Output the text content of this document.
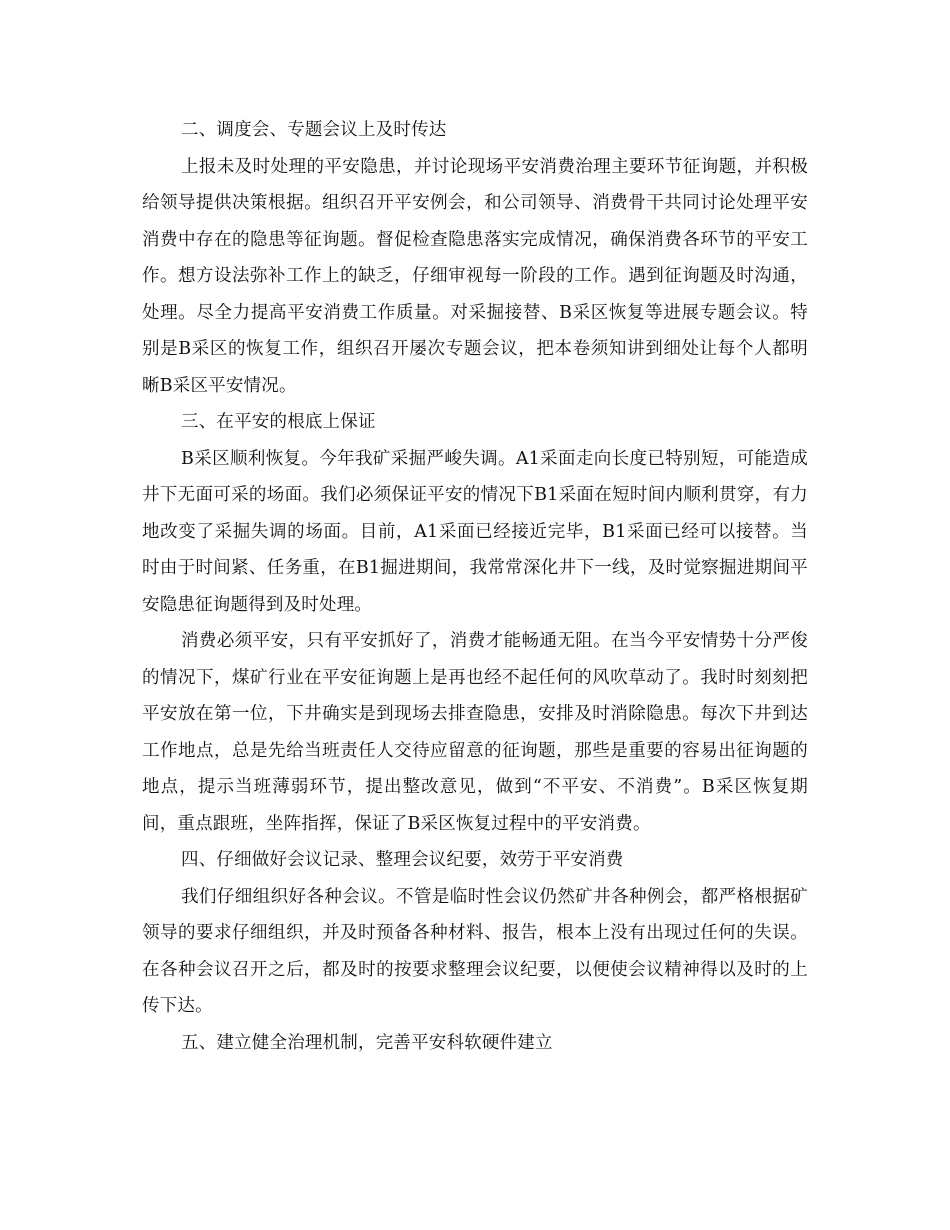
二、调度会、专题会议上及时传达

上报未及时处理的平安隐患，并讨论现场平安消费治理主要环节征询题，并积极给领导提供决策根据。组织召开平安例会，和公司领导、消费骨干共同讨论处理平安消费中存在的隐患等征询题。督促检查隐患落实完成情况，确保消费各环节的平安工作。想方设法弥补工作上的缺乏，仔细审视每一阶段的工作。遇到征询题及时沟通，处理。尽全力提高平安消费工作质量。对采掘接替、B采区恢复等进展专题会议。特别是B采区的恢复工作，组织召开屡次专题会议，把本卷须知讲到细处让每个人都明晰B采区平安情况。

三、在平安的根底上保证

B采区顺利恢复。今年我矿采掘严峻失调。A1采面走向长度已特别短，可能造成井下无面可采的场面。我们必须保证平安的情况下B1采面在短时间内顺利贯穿，有力地改变了采掘失调的场面。目前，A1采面已经接近完毕，B1采面已经可以接替。当时由于时间紧、任务重，在B1掘进期间，我常常深化井下一线，及时觉察掘进期间平安隐患征询题得到及时处理。

消费必须平安，只有平安抓好了，消费才能畅通无阻。在当今平安情势十分严俊的情况下，煤矿行业在平安征询题上是再也经不起任何的风吹草动了。我时时刻刻把平安放在第一位，下井确实是到现场去排查隐患，安排及时消除隐患。每次下井到达工作地点，总是先给当班责任人交待应留意的征询题，那些是重要的容易出征询题的地点，提示当班薄弱环节，提出整改意见，做到“不平安、不消费”。B采区恢复期间，重点跟班，坐阵指挥，保证了B采区恢复过程中的平安消费。

四、仔细做好会议记录、整理会议纪要，效劳于平安消费

我们仔细组织好各种会议。不管是临时性会议仍然矿井各种例会，都严格根据矿领导的要求仔细组织，并及时预备各种材料、报告，根本上没有出现过任何的失误。在各种会议召开之后，都及时的按要求整理会议纪要，以便使会议精神得以及时的上传下达。

五、建立健全治理机制，完善平安科软硬件建立
